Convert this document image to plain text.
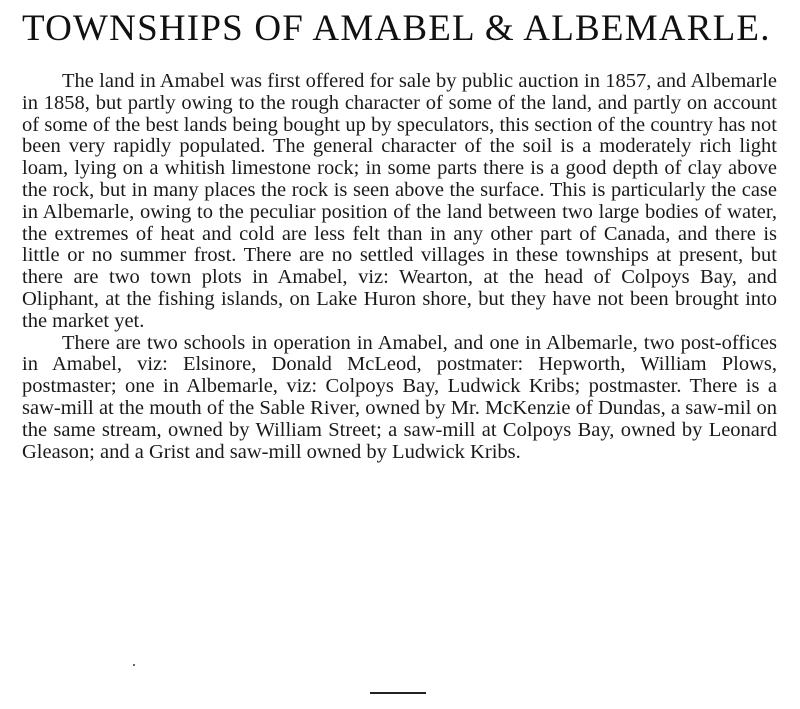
TOWNSHIPS OF AMABEL & ALBEMARLE.

The land in Amabel was first offered for sale by public auction in 1857, and Albemarle in 1858, but partly owing to the rough character of some of the land, and partly on account of some of the best lands being bought up by speculators, this section of the country has not been very rapidly populated. The general character of the soil is a moderately rich light loam, lying on a whitish limestone rock; in some parts there is a good depth of clay above the rock, but in many places the rock is seen above the surface. This is particularly the case in Albemarle, owing to the peculiar position of the land between two large bodies of water, the extremes of heat and cold are less felt than in any other part of Canada, and there is little or no summer frost. There are no settled villages in these townships at present, but there are two town plots in Amabel, viz: Wearton, at the head of Colpoys Bay, and Oliphant, at the fishing islands, on Lake Huron shore, but they have not been brought into the market yet.

There are two schools in operation in Amabel, and one in Albemarle, two post-offices in Amabel, viz: Elsinore, Donald McLeod, postmater: Hepworth, William Plows, postmaster; one in Albemarle, viz: Colpoys Bay, Ludwick Kribs; postmaster. There is a saw-mill at the mouth of the Sable River, owned by Mr. McKenzie of Dundas, a saw-mil on the same stream, owned by William Street; a saw-mill at Colpoys Bay, owned by Leonard Gleason; and a Grist and saw-mill owned by Ludwick Kribs.
